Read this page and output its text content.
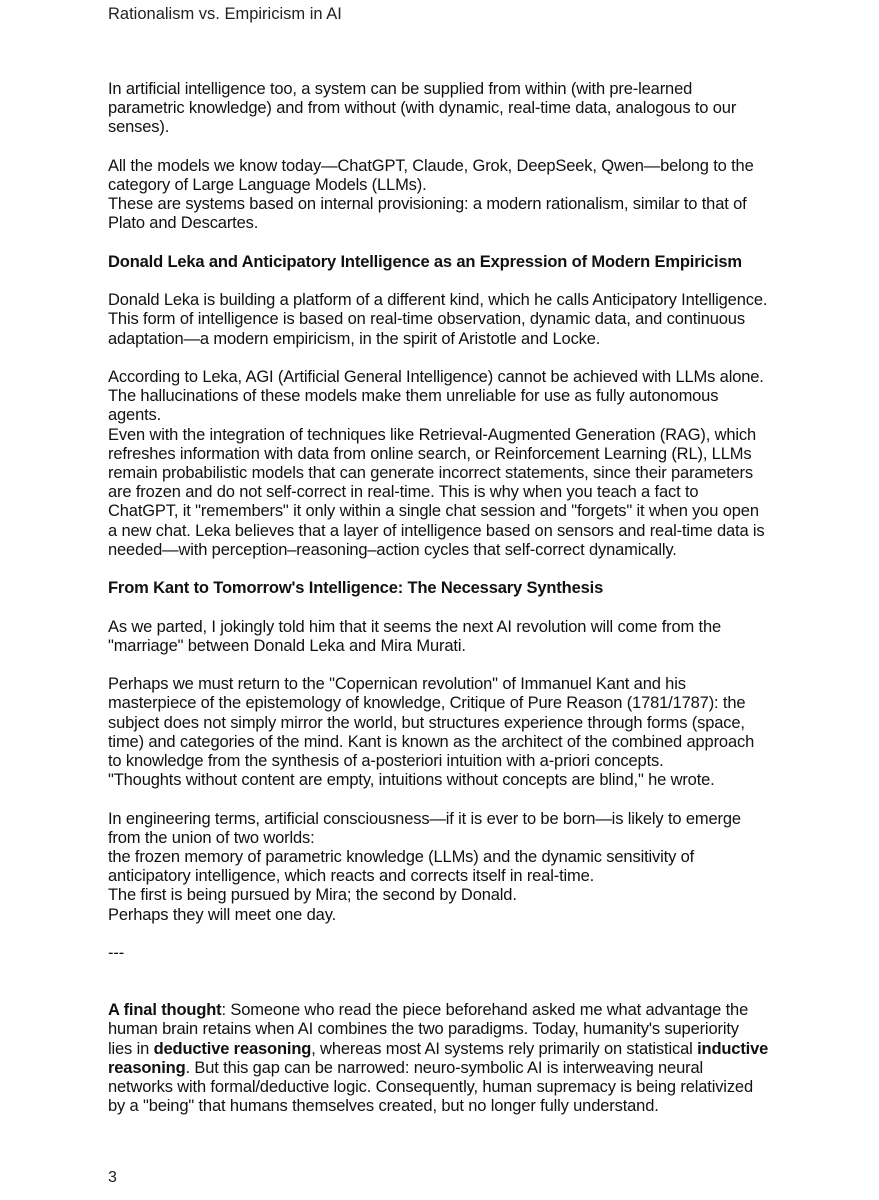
Rationalism vs. Empiricism in AI

In artificial intelligence too, a system can be supplied from within (with pre-learned
parametric knowledge) and from without (with dynamic, real-time data, analogous to our
senses).

All the models we know today—ChatGPT, Claude, Grok, DeepSeek, Qwen—belong to the
category of Large Language Models (LLMs).
These are systems based on internal provisioning: a modern rationalism, similar to that of
Plato and Descartes.

Donald Leka and Anticipatory Intelligence as an Expression of Modern Empiricism

Donald Leka is building a platform of a different kind, which he calls Anticipatory Intelligence.
This form of intelligence is based on real-time observation, dynamic data, and continuous
adaptation—a modern empiricism, in the spirit of Aristotle and Locke.

According to Leka, AGI (Artificial General Intelligence) cannot be achieved with LLMs alone.
The hallucinations of these models make them unreliable for use as fully autonomous
agents.
Even with the integration of techniques like Retrieval-Augmented Generation (RAG), which
refreshes information with data from online search, or Reinforcement Learning (RL), LLMs
remain probabilistic models that can generate incorrect statements, since their parameters
are frozen and do not self-correct in real-time. This is why when you teach a fact to
ChatGPT, it "remembers" it only within a single chat session and "forgets" it when you open
a new chat. Leka believes that a layer of intelligence based on sensors and real-time data is
needed—with perception–reasoning–action cycles that self-correct dynamically.

From Kant to Tomorrow's Intelligence: The Necessary Synthesis

As we parted, I jokingly told him that it seems the next AI revolution will come from the
"marriage" between Donald Leka and Mira Murati.

Perhaps we must return to the "Copernican revolution" of Immanuel Kant and his
masterpiece of the epistemology of knowledge, Critique of Pure Reason (1781/1787): the
subject does not simply mirror the world, but structures experience through forms (space,
time) and categories of the mind. Kant is known as the architect of the combined approach
to knowledge from the synthesis of a-posteriori intuition with a-priori concepts.
"Thoughts without content are empty, intuitions without concepts are blind," he wrote.

In engineering terms, artificial consciousness—if it is ever to be born—is likely to emerge
from the union of two worlds:
the frozen memory of parametric knowledge (LLMs) and the dynamic sensitivity of
anticipatory intelligence, which reacts and corrects itself in real-time.
The first is being pursued by Mira; the second by Donald.
Perhaps they will meet one day.

---

A final thought: Someone who read the piece beforehand asked me what advantage the
human brain retains when AI combines the two paradigms. Today, humanity's superiority
lies in deductive reasoning, whereas most AI systems rely primarily on statistical inductive
reasoning. But this gap can be narrowed: neuro-symbolic AI is interweaving neural
networks with formal/deductive logic. Consequently, human supremacy is being relativized
by a "being" that humans themselves created, but no longer fully understand.

3
